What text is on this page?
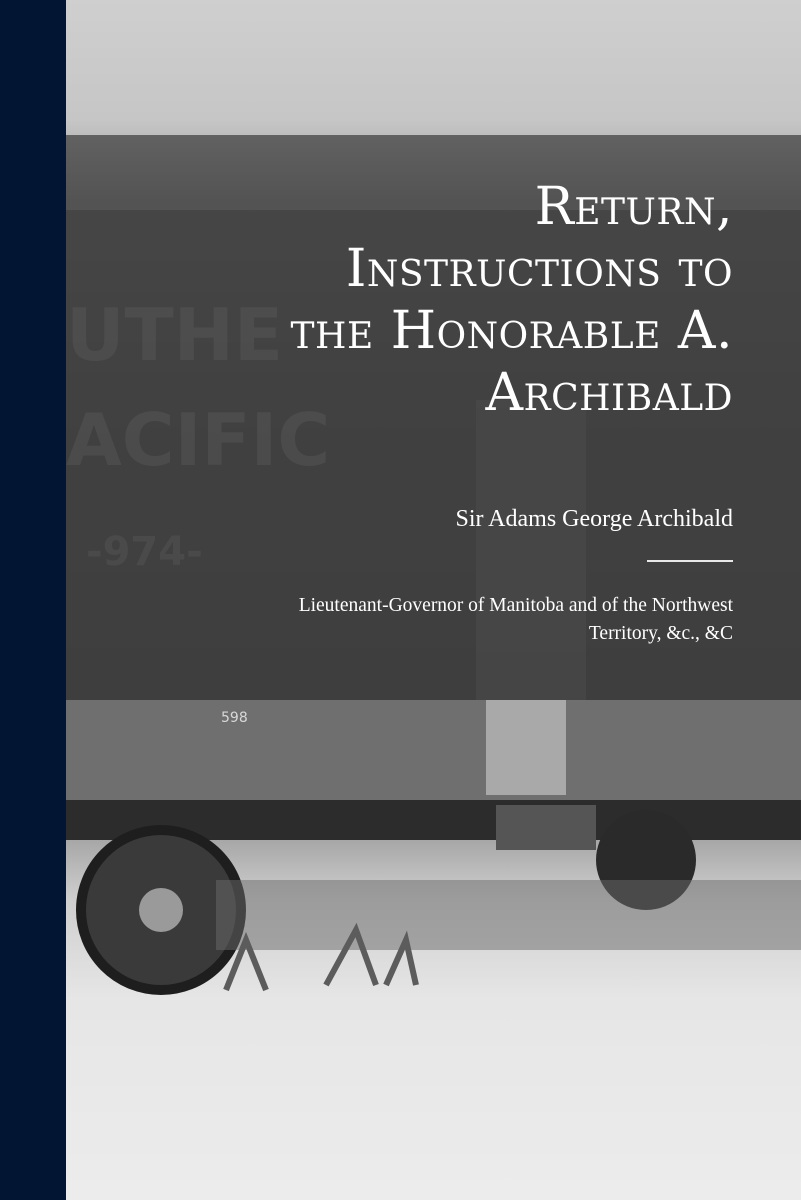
598
Return,
Instructions to
the Honorable A.
Archibald
Sir Adams George Archibald
Lieutenant-Governor of Manitoba and of the Northwest
Territory, &c., &C
